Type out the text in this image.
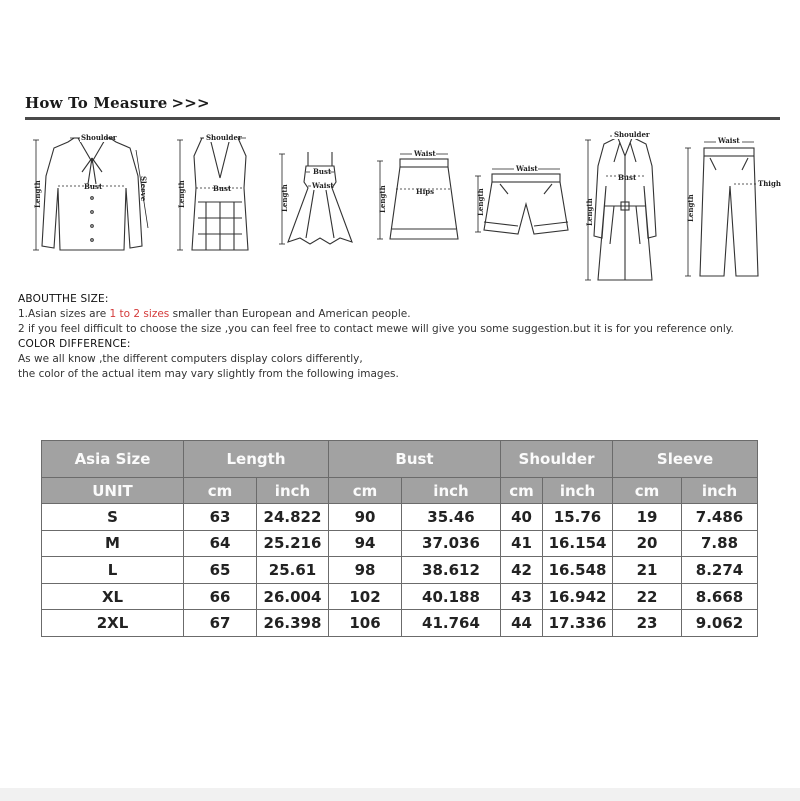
How To Measure >>>
Shoulder
Bust	Sleeve
Length
Shoulder
Bust
Length
Bust
Waist
Length
Waist
Hips
Length
Waist
Length
Shoulder
Bust
Length
Waist
Thigh
Length
ABOUTTHE SIZE:
1.Asian sizes are 1 to 2 sizes smaller than European and American people.
2 if you feel difficult to choose the size ,you can feel free to contact mewe will give you some suggestion.but it is for you reference only.
COLOR DIFFERENCE:
As we all know ,the different computers display colors differently,
the color of the actual item may vary slightly from the following images.
Asia Size	Length		Bust		Shoulder		Sleeve	
UNIT	cm	inch	cm	inch	cm	inch	cm	inch
S	63	24.822	90	35.46	40	15.76	19	7.486
M	64	25.216	94	37.036	41	16.154	20	7.88
L	65	25.61	98	38.612	42	16.548	21	8.274
XL	66	26.004	102	40.188	43	16.942	22	8.668
2XL	67	26.398	106	41.764	44	17.336	23	9.062
